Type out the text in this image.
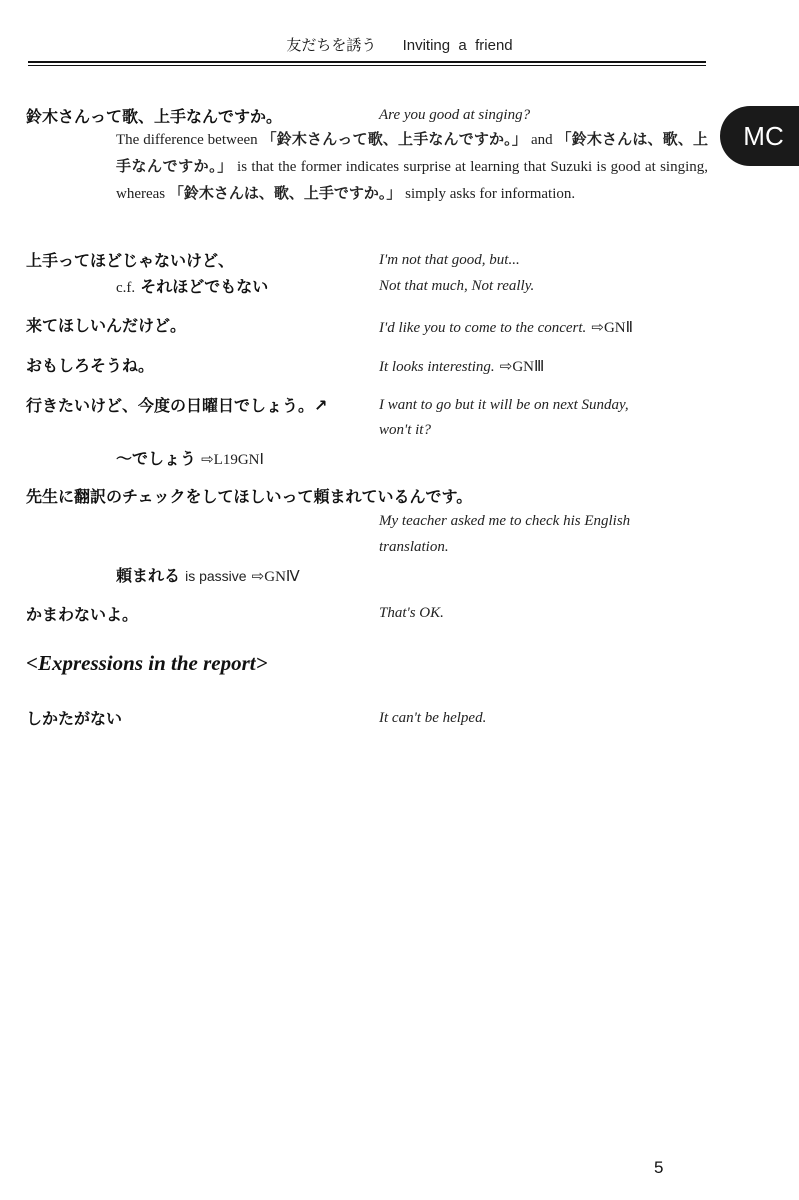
友だちを誘う Inviting  a  friend
MC
鈴木さんって歌、上手なんですか。	Are you good at singing?
The difference between 「鈴木さんって歌、上手なんですか。」 and 「鈴木さんは、歌、上手なんですか。」 is that the former indicates surprise at learning that Suzuki is good at singing, whereas 「鈴木さんは、歌、上手ですか。」 simply asks for information.
上手ってほどじゃないけど、	I'm not that good, but...
c.f. それほどでもない	Not that much, Not really.
来てほしいんだけど。	I'd like you to come to the concert. ⇨GNⅡ
おもしろそうね。	It looks interesting. ⇨GNⅢ
行きたいけど、今度の日曜日でしょう。↗	I want to go but it will be on next Sunday,
won't it?
〜でしょう ⇨L19GNⅠ
先生に翻訳のチェックをしてほしいって頼まれているんです。
My teacher asked me to check his English
translation.
頼まれる is passive ⇨GNⅣ
かまわないよ。	That's OK.
<Expressions in the report>
しかたがない	It can't be helped.
5
